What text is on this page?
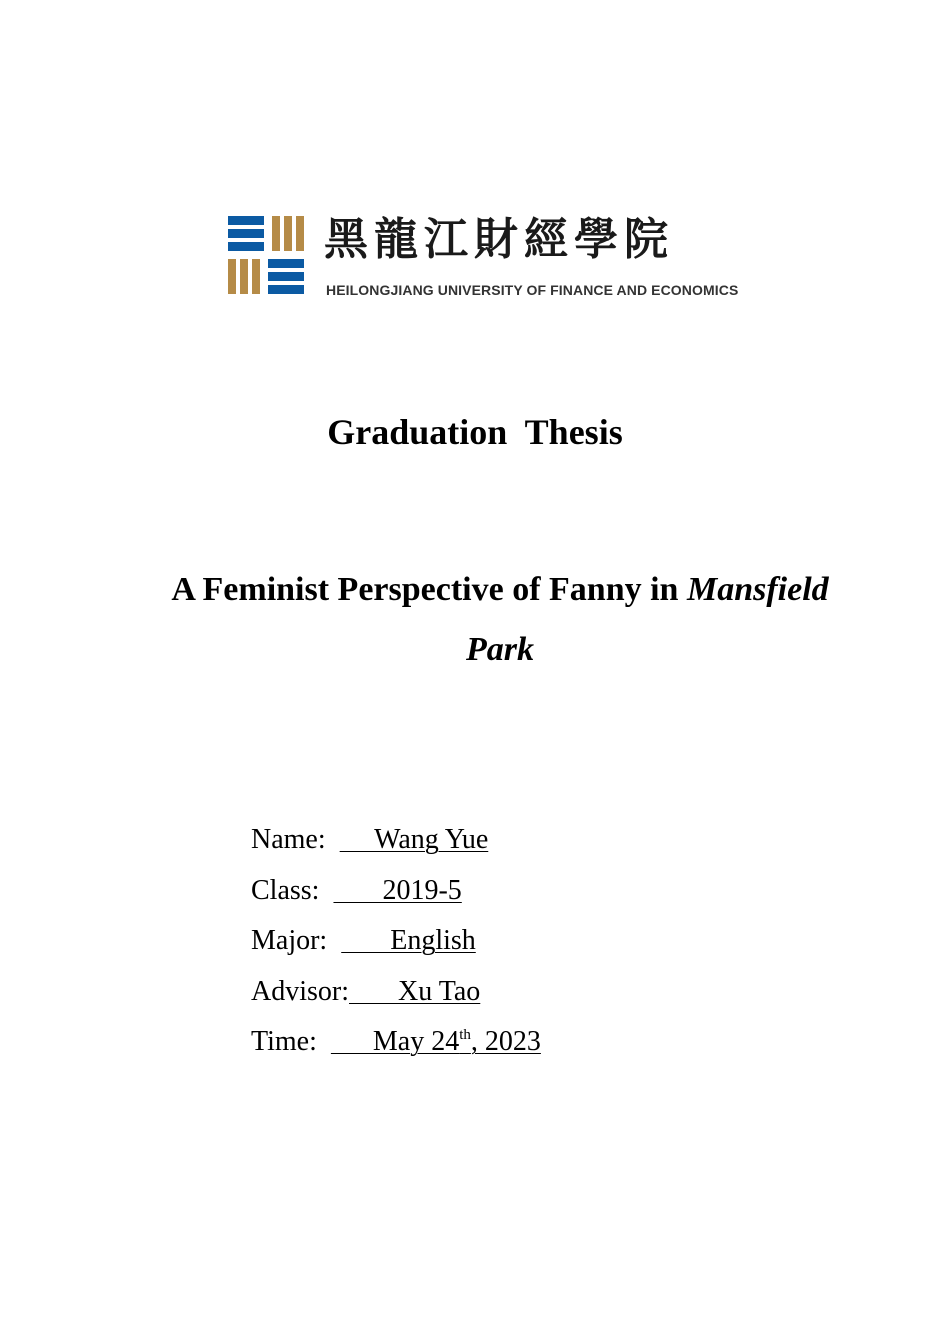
黑龍江財經學院
HEILONGJIANG UNIVERSITY OF FINANCE AND ECONOMICS
Graduation  Thesis
A Feminist Perspective of Fanny in Mansfield Park
Name:       Wang Yue
Class:         2019-5
Major:         English
Advisor:       Xu Tao
Time:        May 24th, 2023
